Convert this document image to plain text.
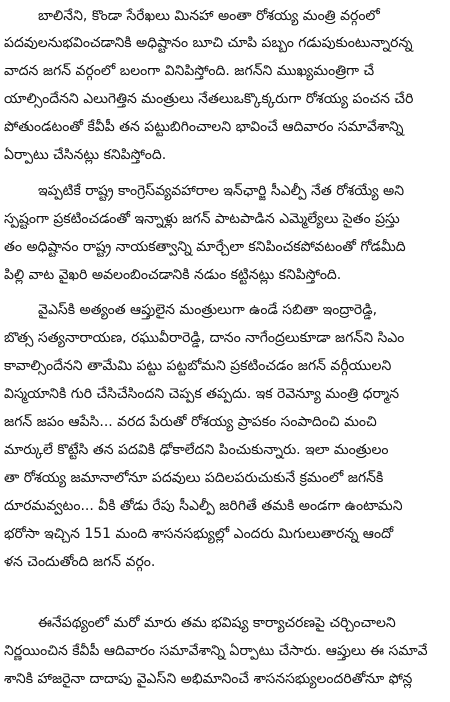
బాలినేని, కొండా సేరేఖలు మినహా అంతా రోశయ్య మంత్రి వర్గంలో
పదవులనుభవించడానికి అధిష్టానం బూచి చూపి పబ్బం గడుపుకుంటున్నారన్న
వాదన జగన్ వర్గంలో బలంగా వినిపిస్తోంది. జగన్‌ని ముఖ్యమంత్రిగా చే
యాల్సిందేనని ఎలుగెత్తిన మంత్రులు నేతలుఒక్కొక్కరుగా రోశయ్య పంచన చేరి
పోతుండటంతో కేవీపీ తన పట్టుబిగించాలని భావించే ఆదివారం సమావేశాన్ని
ఏర్పాటు చేసినట్లు కనిపిస్తోంది.
ఇప్పటికే రాష్ట్ర కాంగ్రెస్‌వ్యవహారాల ఇన్‌ఛార్జి సీఎల్పీ నేత రోశయ్యే అని
స్పష్టంగా ప్రకటించడంతో ఇన్నాళ్లు జగన్ పాటపాడిన ఎమ్మెల్యేలు సైతం ప్రస్తు
తం అధిష్టానం రాష్ట్ర నాయకత్వాన్ని మార్చేలా కనిపించకపోవటంతో గోడమీది
పిల్లి వాట వైఖరి అవలంబించడానికి నడుం కట్టినట్లు కనిపిస్తోంది.
వైఎస్‌కి అత్యంత ఆప్తులైన మంత్రులుగా ఉండే సబితా ఇంద్రారెడ్డి,
బొత్స సత్యనారాయణ, రఘువీరారెడ్డి, దానం నాగేంద్రలుకూడా జగన్‌ని సిఎం
కావాల్సిందేనని తామేమి పట్టు పట్టబోమని ప్రకటించడం జగన్ వర్గీయులని
విస్మయానికి గురి చేసిచేసిందని చెప్పక తప్పదు. ఇక రెవెన్యూ మంత్రి ధర్మాన
జగన్ జపం ఆపేసి... వరద పేరుతో రోశయ్య ప్రాపకం సంపాదించి మంచి
మార్కులే కొట్టేసి తన పదవికి ఢోకాలేదని పించుకున్నారు. ఇలా మంత్రులం
తా రోశయ్య జమానాలోనూ పదవులు పదిలపరుచుకునే క్రమంలో జగన్‌కి
దూరమవ్వటం... వీకి తోడు రేపు సీఎల్పీ జరిగితే తమకి అండగా ఉంటామని
భరోసా ఇచ్చిన 151 మంది శాసనసభ్యుల్లో ఎందరు మిగులుతారన్న ఆందో
ళన చెందుతోంది జగన్ వర్గం.
ఈనేపథ్యంలో మరో మారు తమ భవిష్య కార్యాచరణపై చర్చించాలని
నిర్ణయించిన కేవీపీ ఆదివారం సమావేశాన్ని ఏర్పాటు చేసారు. ఆప్తులు ఈ సమావే
శానికి హాజరైనా దాదాపు వైఎస్‌ని అభిమానించే శాసనసభ్యులందరితోనూ ఫోన్ల
